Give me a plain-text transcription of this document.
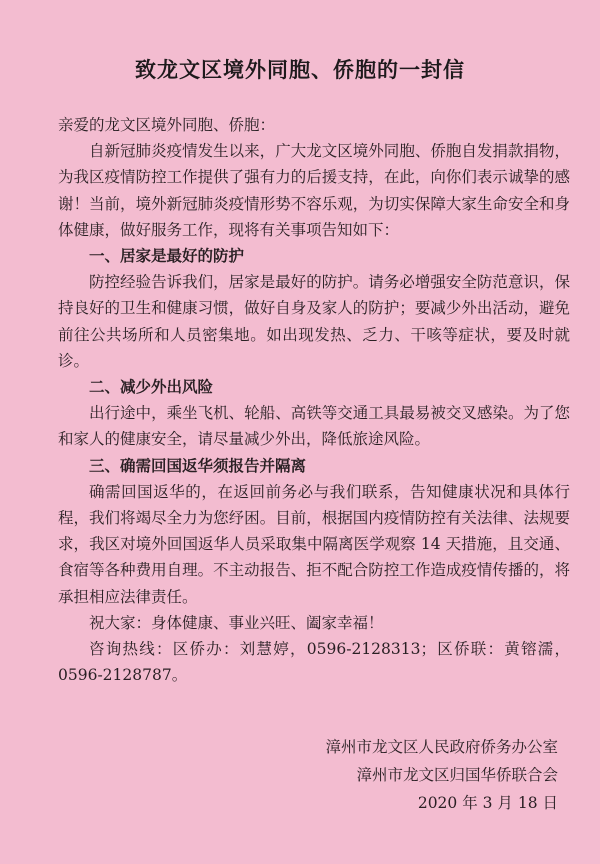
致龙文区境外同胞、侨胞的一封信

亲爱的龙文区境外同胞、侨胞：

自新冠肺炎疫情发生以来，广大龙文区境外同胞、侨胞自发捐款捐物，为我区疫情防控工作提供了强有力的后援支持，在此，向你们表示诚挚的感谢！当前，境外新冠肺炎疫情形势不容乐观，为切实保障大家生命安全和身体健康，做好服务工作，现将有关事项告知如下：

一、居家是最好的防护

防控经验告诉我们，居家是最好的防护。请务必增强安全防范意识，保持良好的卫生和健康习惯，做好自身及家人的防护；要减少外出活动，避免前往公共场所和人员密集地。如出现发热、乏力、干咳等症状，要及时就诊。

二、减少外出风险

出行途中，乘坐飞机、轮船、高铁等交通工具最易被交叉感染。为了您和家人的健康安全，请尽量减少外出，降低旅途风险。

三、确需回国返华须报告并隔离

确需回国返华的，在返回前务必与我们联系，告知健康状况和具体行程，我们将竭尽全力为您纾困。目前，根据国内疫情防控有关法律、法规要求，我区对境外回国返华人员采取集中隔离医学观察 14 天措施，且交通、食宿等各种费用自理。不主动报告、拒不配合防控工作造成疫情传播的，将承担相应法律责任。

祝大家：身体健康、事业兴旺、阖家幸福！

咨询热线：区侨办：刘慧婷，0596-2128313；区侨联：黄镕濡，0596-2128787。

漳州市龙文区人民政府侨务办公室
漳州市龙文区归国华侨联合会
2020 年 3 月 18 日
